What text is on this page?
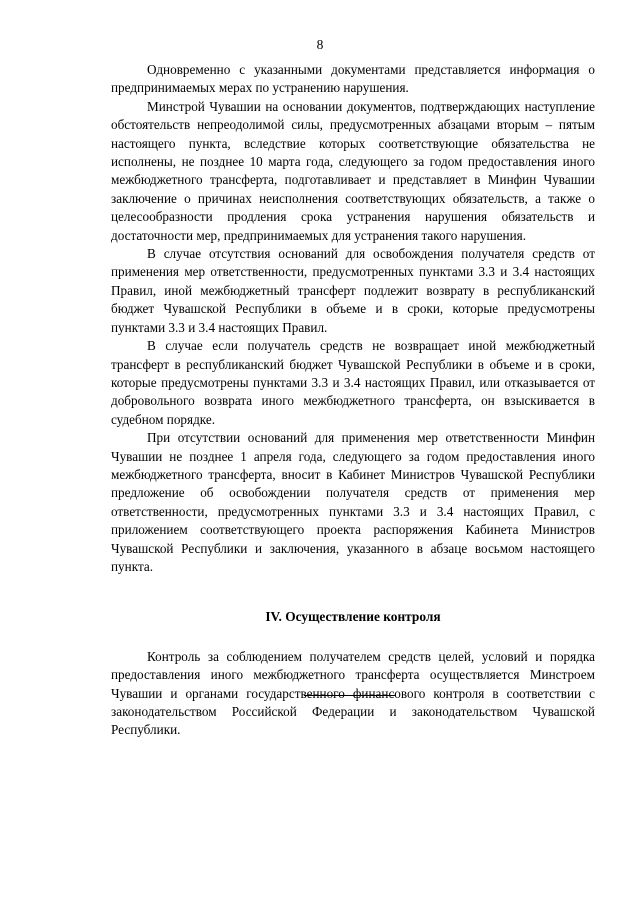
8

Одновременно с указанными документами представляется информация о предпринимаемых мерах по устранению нарушения.

Минстрой Чувашии на основании документов, подтверждающих наступление обстоятельств непреодолимой силы, предусмотренных абзацами вторым – пятым настоящего пункта, вследствие которых соответствующие обязательства не исполнены, не позднее 10 марта года, следующего за годом предоставления иного межбюджетного трансферта, подготавливает и представляет в Минфин Чувашии заключение о причинах неисполнения соответствующих обязательств, а также о целесообразности продления срока устранения нарушения обязательств и достаточности мер, предпринимаемых для устранения такого нарушения.

В случае отсутствия оснований для освобождения получателя средств от применения мер ответственности, предусмотренных пунктами 3.3 и 3.4 настоящих Правил, иной межбюджетный трансферт подлежит возврату в республиканский бюджет Чувашской Республики в объеме и в сроки, которые предусмотрены пунктами 3.3 и 3.4 настоящих Правил.

В случае если получатель средств не возвращает иной межбюджетный трансферт в республиканский бюджет Чувашской Республики в объеме и в сроки, которые предусмотрены пунктами 3.3 и 3.4 настоящих Правил, или отказывается от добровольного возврата иного межбюджетного трансферта, он взыскивается в судебном порядке.

При отсутствии оснований для применения мер ответственности Минфин Чувашии не позднее 1 апреля года, следующего за годом предоставления иного межбюджетного трансферта, вносит в Кабинет Министров Чувашской Республики предложение об освобождении получателя средств от применения мер ответственности, предусмотренных пунктами 3.3 и 3.4 настоящих Правил, с приложением соответствующего проекта распоряжения Кабинета Министров Чувашской Республики и заключения, указанного в абзаце восьмом настоящего пункта.

IV. Осуществление контроля

Контроль за соблюдением получателем средств целей, условий и порядка предоставления иного межбюджетного трансферта осуществляется Минстроем Чувашии и органами государственного финансового контроля в соответствии с законодательством Российской Федерации и законодательством Чувашской Республики.
